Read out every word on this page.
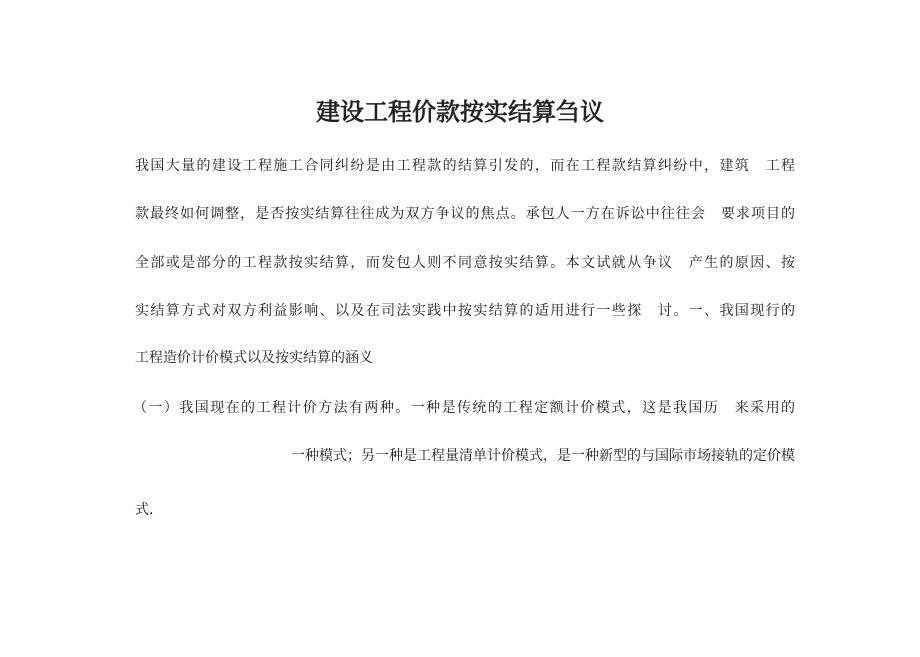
建设工程价款按实结算刍议
我国大量的建设工程施工合同纠纷是由工程款的结算引发的，而在工程款结算纠纷中，建筑　工程
款最终如何调整，是否按实结算往往成为双方争议的焦点。承包人一方在诉讼中往往会　要求项目的
全部或是部分的工程款按实结算，而发包人则不同意按实结算。本文试就从争议　产生的原因、按
实结算方式对双方利益影响、以及在司法实践中按实结算的适用进行一些探　讨。一、我国现行的
工程造价计价模式以及按实结算的涵义
（一）我国现在的工程计价方法有两种。一种是传统的工程定额计价模式，这是我国历　来采用的
一种模式；另一种是工程量清单计价模式，是一种新型的与国际市场接轨的定价模
式.
